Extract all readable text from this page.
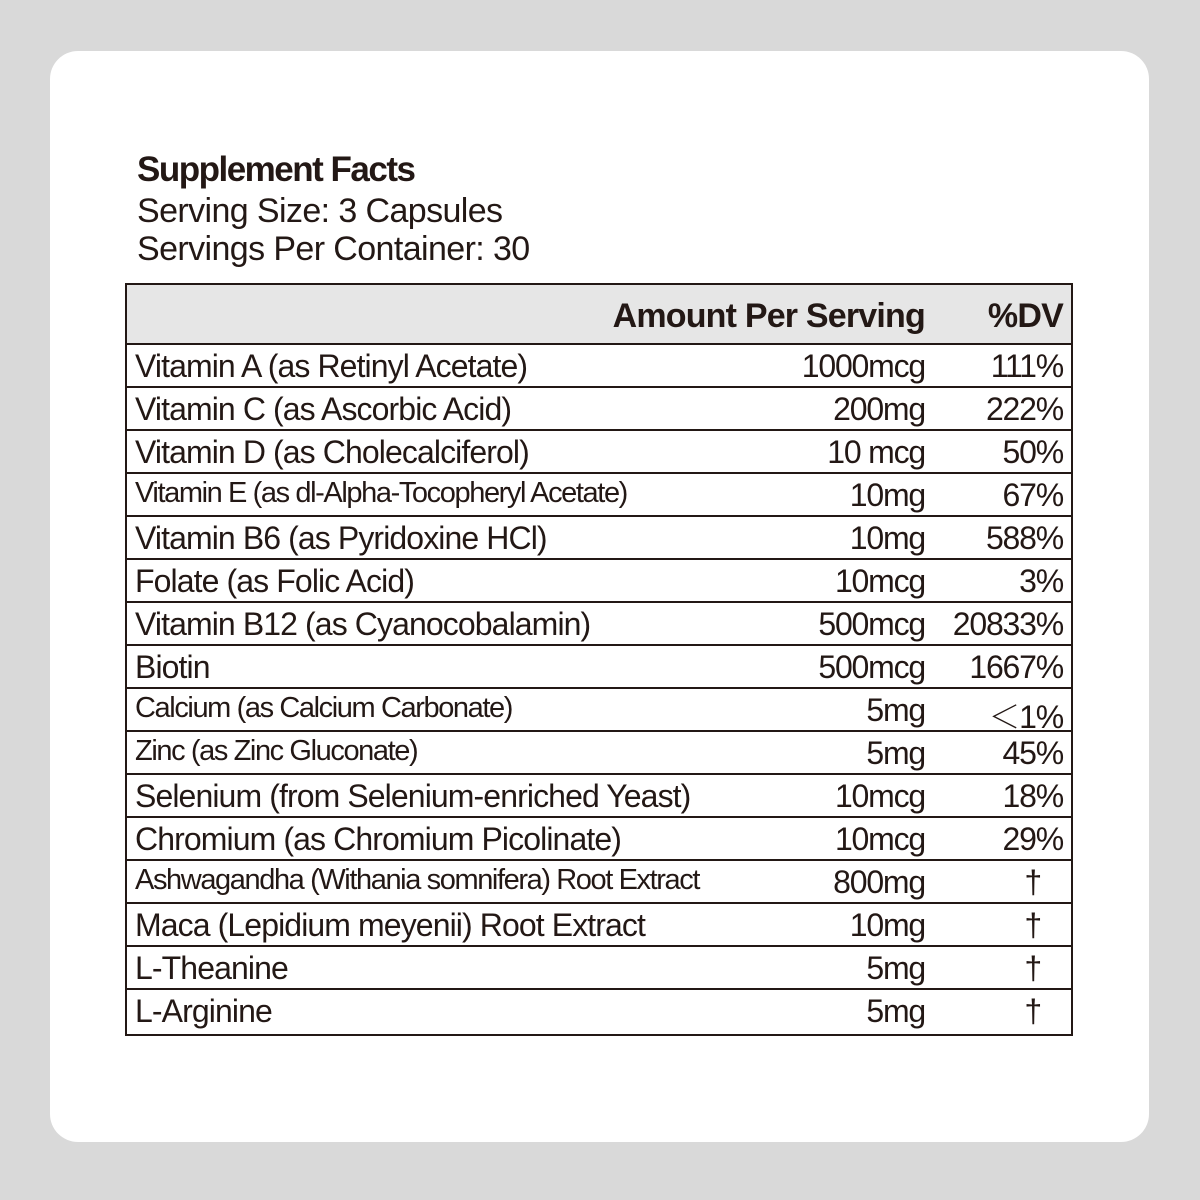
Supplement Facts

Serving Size: 3 Capsules

Servings Per Container: 30

Amount Per Serving %DV
Vitamin A (as Retinyl Acetate)	1000mcg 111%
Vitamin C (as Ascorbic Acid)	200mg 222%
Vitamin D (as Cholecalciferol)	10 mcg 50%
Vitamin E (as dl-Alpha-Tocopheryl Acetate)	10mg 67%
Vitamin B6 (as Pyridoxine HCl)	10mg 588%
Folate (as Folic Acid)	10mcg	3%
Vitamin B12 (as Cyanocobalamin)	500mcg 20833%
Biotin	500mcg 1667%
Calcium (as Calcium Carbonate)	5mg ＜1%
Zinc (as Zinc Gluconate)	5mg 45%
Selenium (from Selenium-enriched Yeast)	10mcg 18%
Chromium (as Chromium Picolinate)	10mcg 29%
Ashwagandha (Withania somnifera) Root Extract	800mg	†
Maca (Lepidium meyenii) Root Extract	10mg	†
L-Theanine	5mg	†
L-Arginine	5mg	†
